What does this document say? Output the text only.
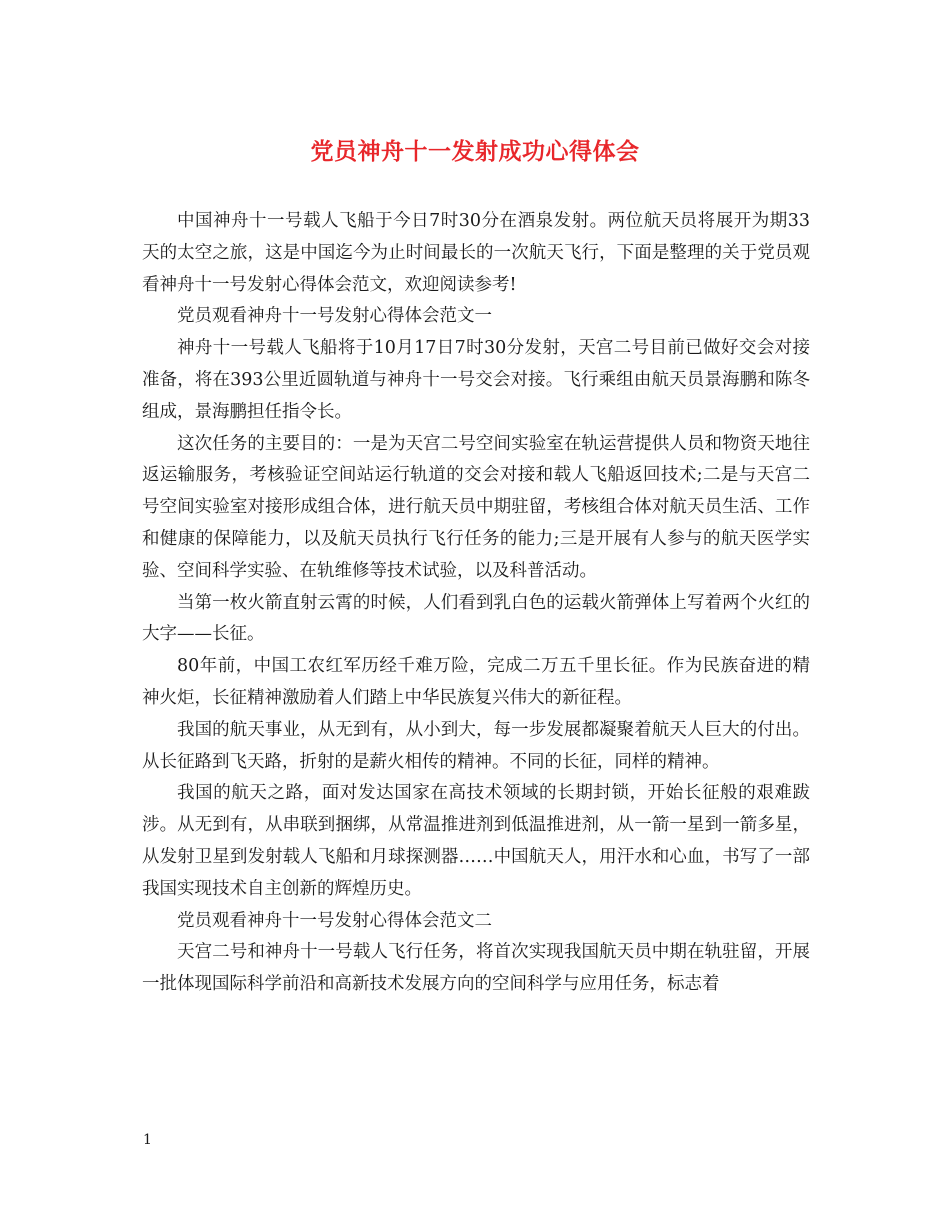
党员神舟十一发射成功心得体会

中国神舟十一号载人飞船于今日7时30分在酒泉发射。两位航天员将展开为期33天的太空之旅，这是中国迄今为止时间最长的一次航天飞行，下面是整理的关于党员观看神舟十一号发射心得体会范文，欢迎阅读参考!

党员观看神舟十一号发射心得体会范文一

神舟十一号载人飞船将于10月17日7时30分发射，天宫二号目前已做好交会对接准备，将在393公里近圆轨道与神舟十一号交会对接。飞行乘组由航天员景海鹏和陈冬组成，景海鹏担任指令长。

这次任务的主要目的：一是为天宫二号空间实验室在轨运营提供人员和物资天地往返运输服务，考核验证空间站运行轨道的交会对接和载人飞船返回技术;二是与天宫二号空间实验室对接形成组合体，进行航天员中期驻留，考核组合体对航天员生活、工作和健康的保障能力，以及航天员执行飞行任务的能力;三是开展有人参与的航天医学实验、空间科学实验、在轨维修等技术试验，以及科普活动。

当第一枚火箭直射云霄的时候，人们看到乳白色的运载火箭弹体上写着两个火红的大字——长征。

80年前，中国工农红军历经千难万险，完成二万五千里长征。作为民族奋进的精神火炬，长征精神激励着人们踏上中华民族复兴伟大的新征程。

我国的航天事业，从无到有，从小到大，每一步发展都凝聚着航天人巨大的付出。从长征路到飞天路，折射的是薪火相传的精神。不同的长征，同样的精神。

我国的航天之路，面对发达国家在高技术领域的长期封锁，开始长征般的艰难跋涉。从无到有，从串联到捆绑，从常温推进剂到低温推进剂，从一箭一星到一箭多星，从发射卫星到发射载人飞船和月球探测器……中国航天人，用汗水和心血，书写了一部我国实现技术自主创新的辉煌历史。

党员观看神舟十一号发射心得体会范文二

天宫二号和神舟十一号载人飞行任务，将首次实现我国航天员中期在轨驻留，开展一批体现国际科学前沿和高新技术发展方向的空间科学与应用任务，标志着

1
